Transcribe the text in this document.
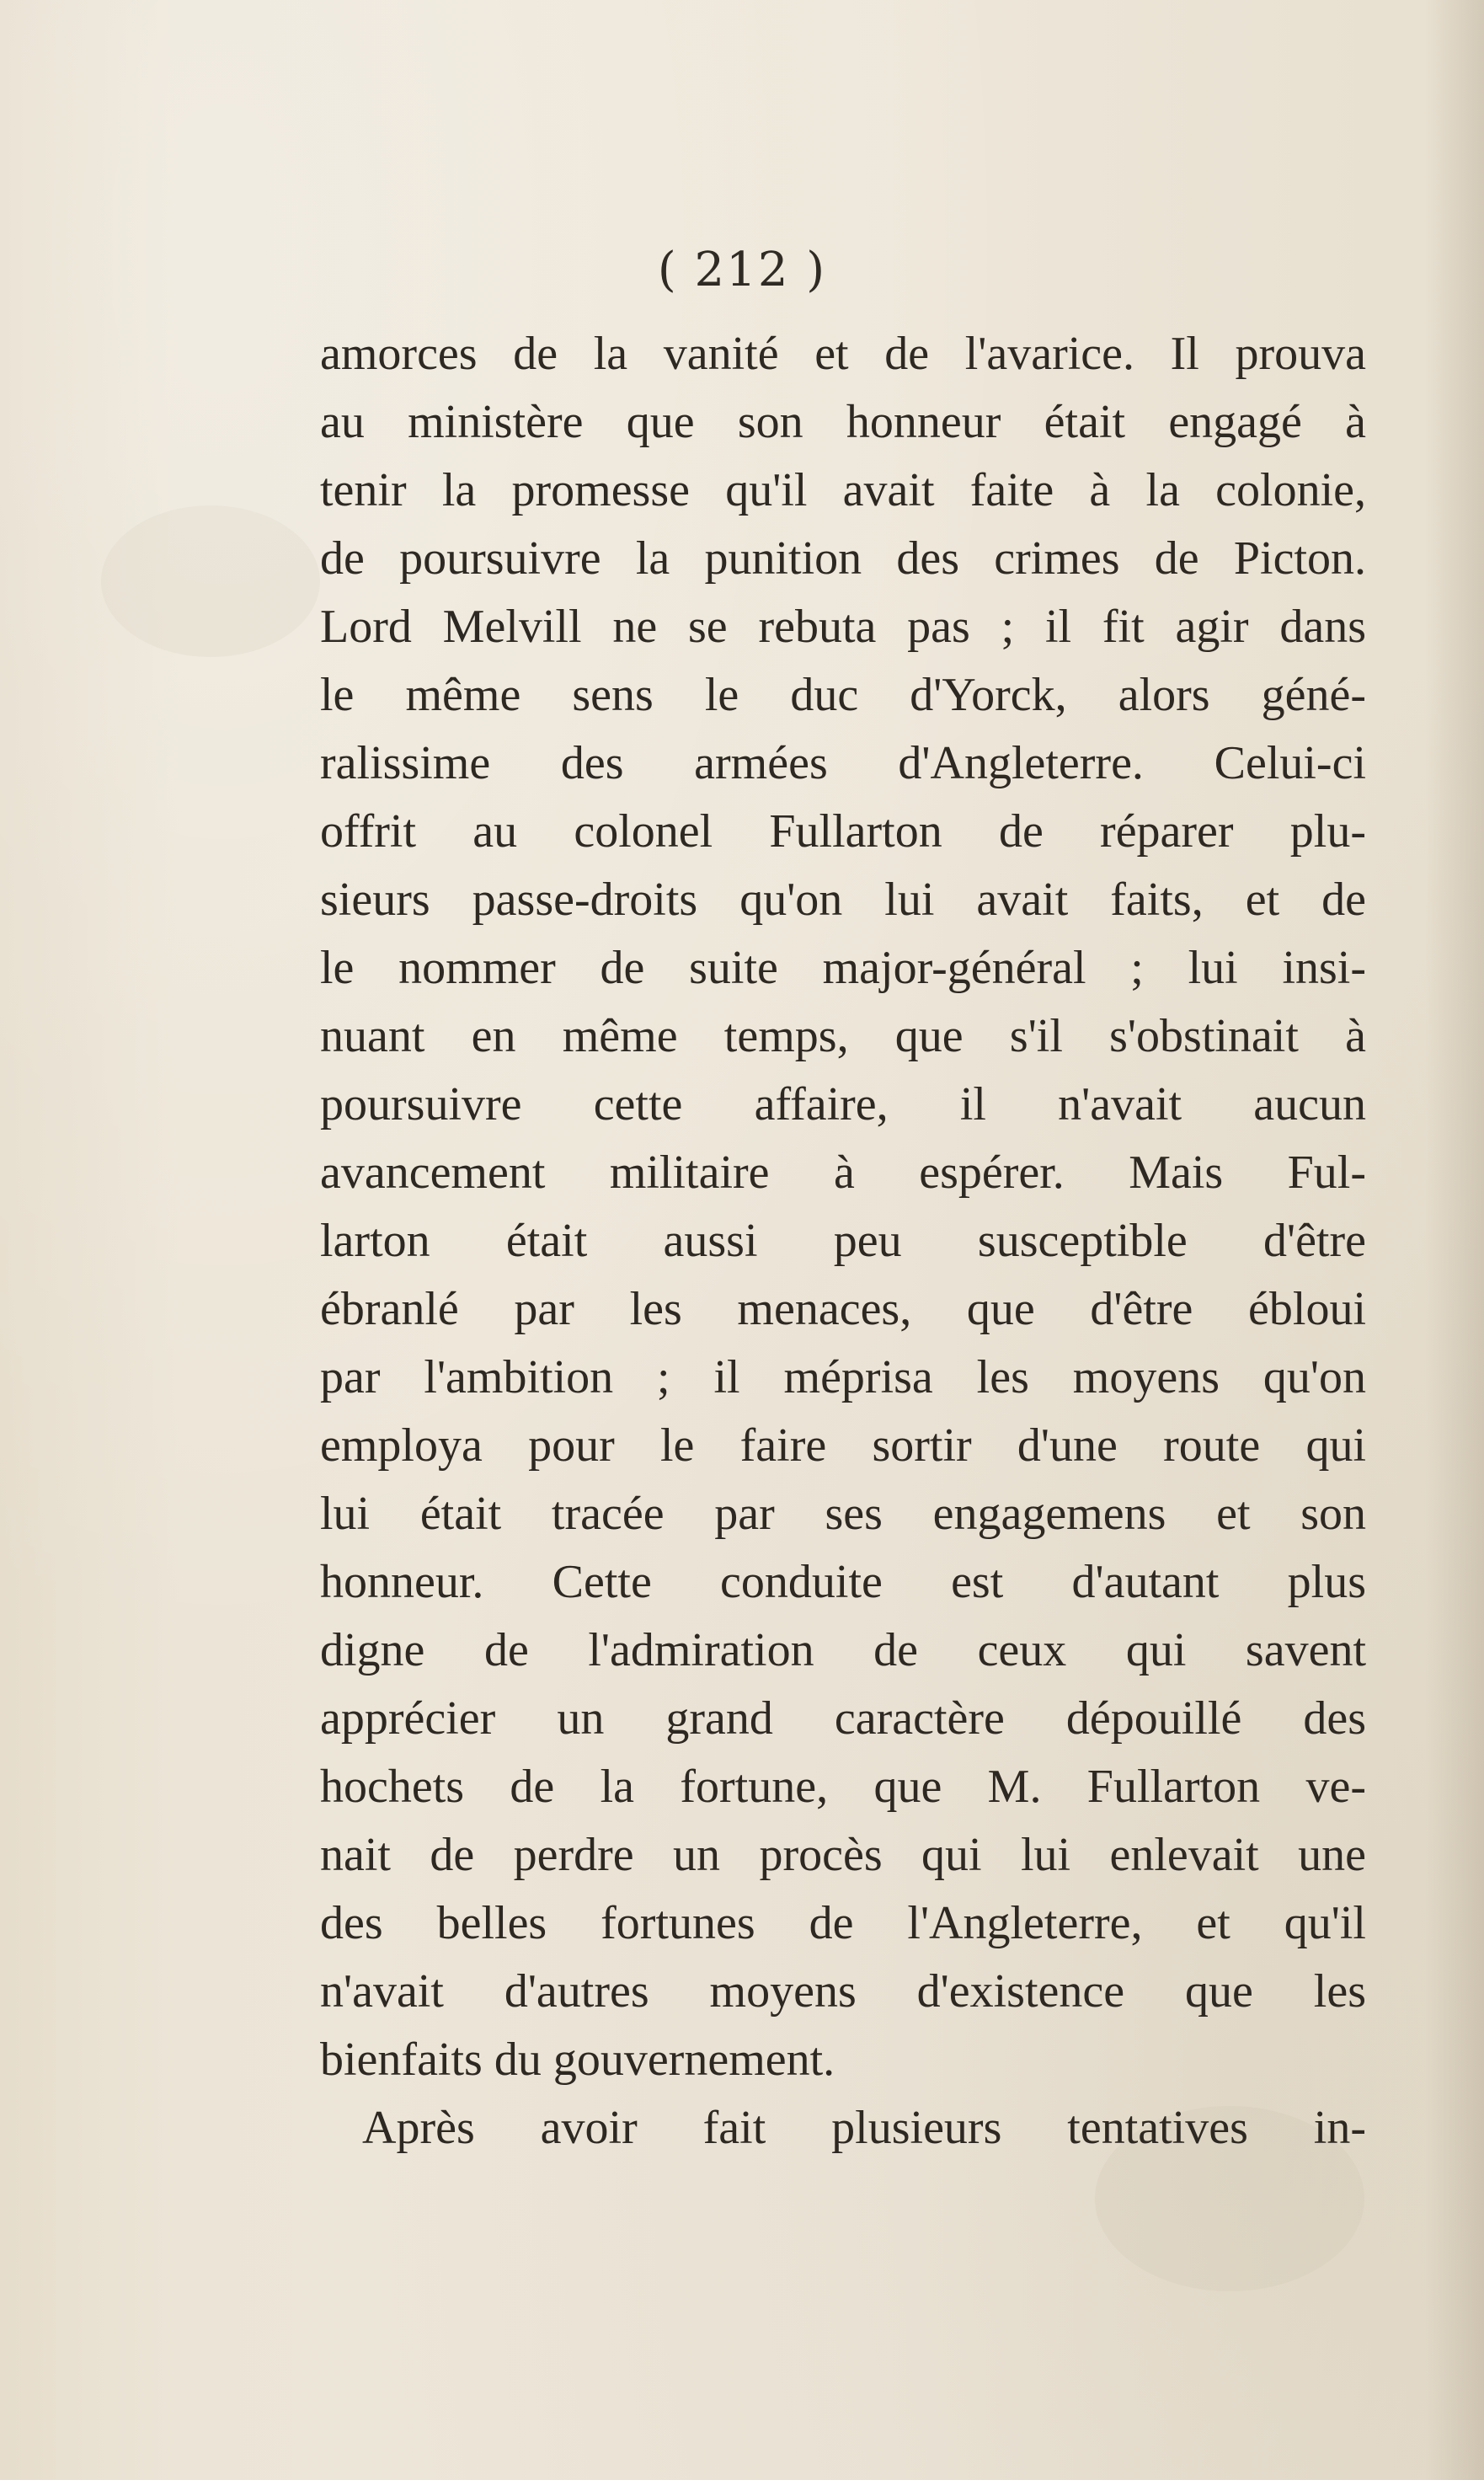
( 212 )
amorces de la vanité et de l'avarice. Il prouva
au ministère que son honneur était engagé à
tenir la promesse qu'il avait faite à la colonie,
de poursuivre la punition des crimes de Picton.
Lord Melvill ne se rebuta pas ; il fit agir dans
le même sens le duc d'Yorck, alors géné-
ralissime des armées d'Angleterre. Celui-ci
offrit au colonel Fullarton de réparer plu-
sieurs passe-droits qu'on lui avait faits, et de
le nommer de suite major-général ; lui insi-
nuant en même temps, que s'il s'obstinait à
poursuivre cette affaire, il n'avait aucun
avancement militaire à espérer. Mais Ful-
larton était aussi peu susceptible d'être
ébranlé par les menaces, que d'être ébloui
par l'ambition ; il méprisa les moyens qu'on
employa pour le faire sortir d'une route qui
lui était tracée par ses engagemens et son
honneur. Cette conduite est d'autant plus
digne de l'admiration de ceux qui savent
apprécier un grand caractère dépouillé des
hochets de la fortune, que M. Fullarton ve-
nait de perdre un procès qui lui enlevait une
des belles fortunes de l'Angleterre, et qu'il
n'avait d'autres moyens d'existence que les
bienfaits du gouvernement.
Après avoir fait plusieurs tentatives in-
